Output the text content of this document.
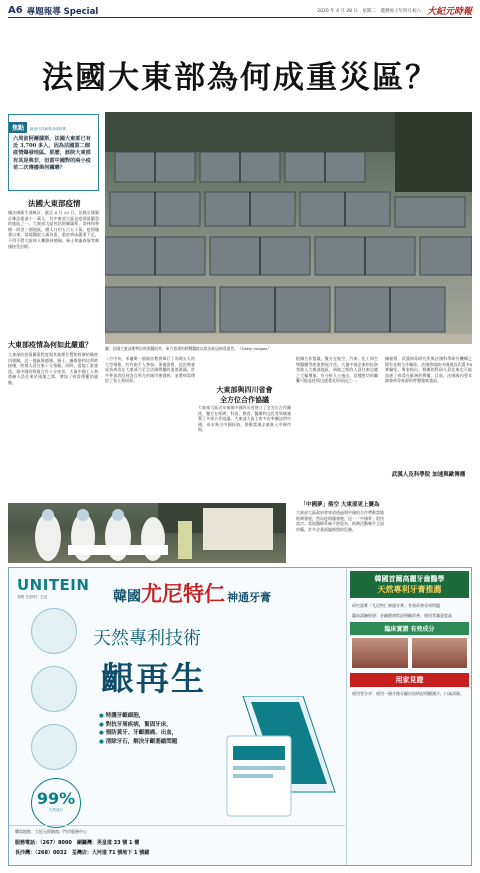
A6 專題報導 Special	2020 年 4 月 28 日　星期二　農曆庚子年四月初六 大紀元時報
法國大東部為何成重災區？
焦點 新冠中共病毒全球疫情
六周前阿爾薩斯、法國大東部已有近 3,700 多人，因為法國第二個疫情爆發地區。那麼，該院大東部有其是與非，但當中國對的兩小疫苗二次傳播與何關聯？
法國大東部疫情
據法國衛生部統計，截至 4 月 20 日，法國全國累計確診超過十一萬人，其中東部大區是疫情最嚴重的地區之一。大東部大區包括阿爾薩斯、洛林和香檳－阿登三個地區，總人口約五百五十萬。疫情爆發以來，當地醫院人滿為患，重症病床嚴重不足，不得不將大批病人轉移到德國、瑞士和盧森堡等鄰國接受治療。
大東部疫情為何如此嚴重？
大東部的疫情嚴重程度與其地理位置和經濟結構密切相關。這一地區與德國、瑞士、盧森堡和比利時接壤，跨境人員往來十分頻繁。同時，當地工業發達，與中國的經貿合作十分密切，大量中國工人和商務人員往來於兩地之間，增加了病毒傳播的風險。
圖：法國大東部斯特拉斯堡醫院外，軍方搭建的野戰醫院以收治新冠病毒患者。（Getty Images）
二月中旬，米盧斯一個福音教會舉行了為期五天的大型聚會，約有兩千人參加。事後證實，這次聚會成為病毒在大東部乃至全法國傳播的重要源頭。許多參加者回到各自所在的城市後發病，並將病毒傳給了家人和同事。
大東部與四川省會
全方位合作協議
大東部大區近年來與中國四川省建立了全方位合作關係，雙方在經濟、科技、教育、醫療和文化等領域簽署了多項合作協議。大東部大區主席多次率團訪問中國，尋求吸引中國投資，推動當地企業進入中國市場。
根據合作協議，雙方在航空、汽車、化工和生物醫藥等產業開展合作。大量中國企業和投資者進入大東部地區，兩地之間的人員往來也隨之大幅增加。有分析人士指出，這種密切的聯繫可能是疫情迅速蔓延的原因之一。
「中國夢」落空 大東部更上賽為
大東部大區政府曾寄望透過與中國的合作帶動當地經濟發展，然而疫情爆發後，這一「中國夢」很快落空。當地醫療系統不堪重負，經濟活動幾乎全面停擺，許多企業面臨倒閉的危險。
武漢人及科學院 加速與歐傳播
據報導，武漢病毒研究所與法國科學研究機構之間有長期合作關係，法國曾協助中國建設武漢 P4 實驗室。專家指出，相關的科研人員往來也可能加速了病毒在歐洲的傳播。目前，法國國內要求調查病毒來源的呼聲越來越高。
UNITEIN
美國 尤尼特仁 生技	韓國尤尼特仁 神通牙膏
天然專利技術
齦再生
● 特護牙齦細胞，
● 對抗牙周疾病，緊固牙床，
● 預防黃牙、牙齦腫痛、出血，
● 清除牙石，解決牙齦萎縮問題
99%
天然成分
購買地點：大紀元經銷商／門市服務中心
服務電話：（267）8000　銅鑼灣：英皇道 33 號 1 樓
長沙灣：（268）0032　荃灣店：大河道 71 號地下 1 號鋪
韓國首爾高麗牙齒醫學
天然專利牙膏推薦
研究證實「尤尼特仁神通牙膏」有效改善牙周問題
臨床試驗結果：牙齦健康狀況明顯改善，使用者滿意度高
臨床實證 有效成分
用家見證
使用者分享：使用一個月後牙齦出血情況明顯減少，口氣清新。
